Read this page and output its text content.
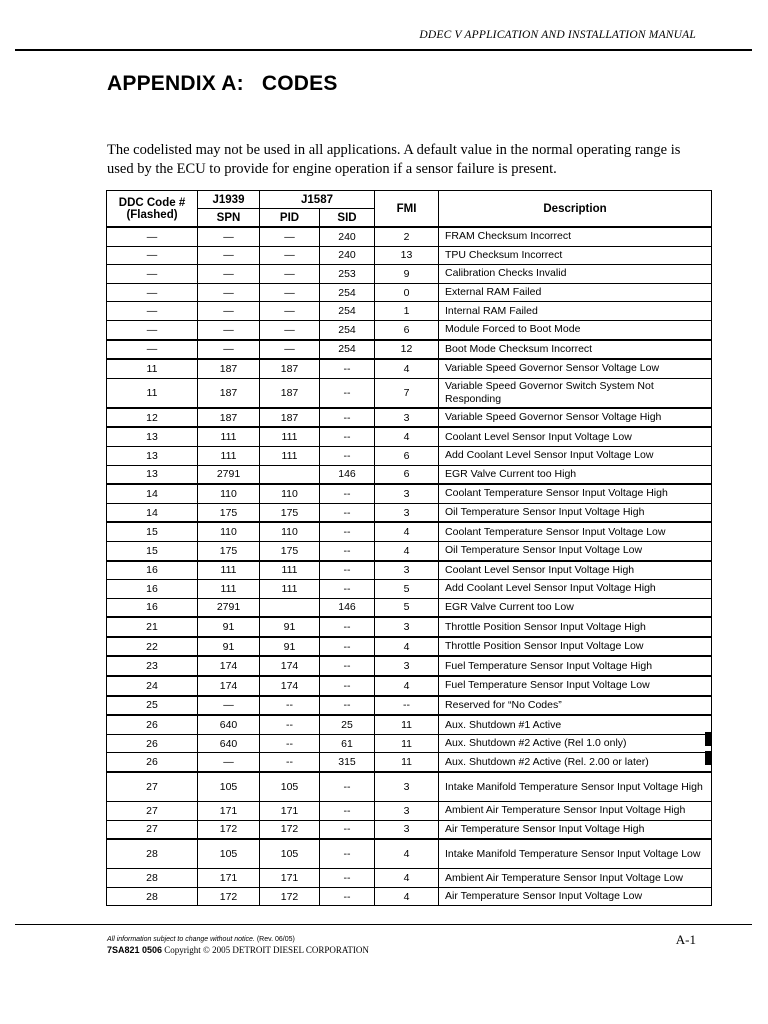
DDEC V APPLICATION AND INSTALLATION MANUAL
APPENDIX A:   CODES

The codelisted may not be used in all applications. A default value in the normal operating range is used by the ECU to provide for engine operation if a sensor failure is present.

DDC Code # (Flashed)	J1939	J1587		FMI	Description
	SPN	PID	SID		
—	—	—	240	2	FRAM Checksum Incorrect
—	—	—	240	13	TPU Checksum Incorrect
—	—	—	253	9	Calibration Checks Invalid
—	—	—	254	0	External RAM Failed
—	—	—	254	1	Internal RAM Failed
—	—	—	254	6	Module Forced to Boot Mode
—	—	—	254	12	Boot Mode Checksum Incorrect
11	187	187	--	4	Variable Speed Governor Sensor Voltage Low
11	187	187	--	7	Variable Speed Governor Switch System Not Responding
12	187	187	--	3	Variable Speed Governor Sensor Voltage High
13	111	111	--	4	Coolant Level Sensor Input Voltage Low
13	111	111	--	6	Add Coolant Level Sensor Input Voltage Low
13	2791		146	6	EGR Valve Current too High
14	110	110	--	3	Coolant Temperature Sensor Input Voltage High
14	175	175	--	3	Oil Temperature Sensor Input Voltage High
15	110	110	--	4	Coolant Temperature Sensor Input Voltage Low
15	175	175	--	4	Oil Temperature Sensor Input Voltage Low
16	111	111	--	3	Coolant Level Sensor Input Voltage High
16	111	111	--	5	Add Coolant Level Sensor Input Voltage High
16	2791		146	5	EGR Valve Current too Low
21	91	91	--	3	Throttle Position Sensor Input Voltage High
22	91	91	--	4	Throttle Position Sensor Input Voltage Low
23	174	174	--	3	Fuel Temperature Sensor Input Voltage High
24	174	174	--	4	Fuel Temperature Sensor Input Voltage Low
25	—	--	--	--	Reserved for “No Codes”
26	640	--	25	11	Aux. Shutdown #1 Active
26	640	--	61	11	Aux. Shutdown #2 Active (Rel 1.0 only)
26	—	--	315	11	Aux. Shutdown #2 Active (Rel. 2.00 or later)
27	105	105	--	3	Intake Manifold Temperature Sensor Input Voltage High
27	171	171	--	3	Ambient Air Temperature Sensor Input Voltage High
27	172	172	--	3	Air Temperature Sensor Input Voltage High
28	105	105	--	4	Intake Manifold Temperature Sensor Input Voltage Low
28	171	171	--	4	Ambient Air Temperature Sensor Input Voltage Low
28	172	172	--	4	Air Temperature Sensor Input Voltage Low
All information subject to change without notice. (Rev. 06/05)
7SA821 0506 Copyright © 2005 DETROIT DIESEL CORPORATION
A-1
